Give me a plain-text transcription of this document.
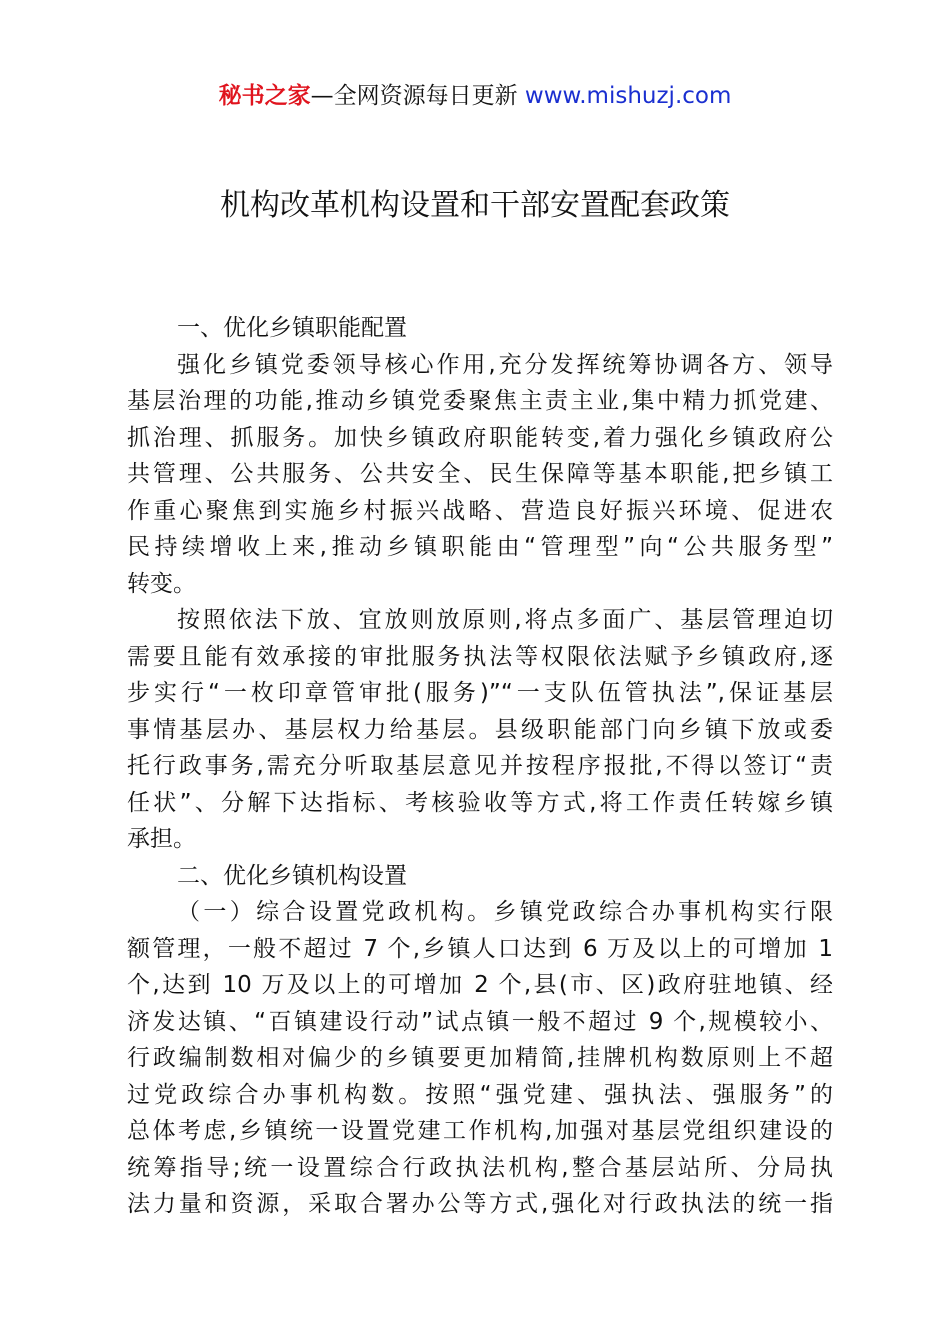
秘书之家—全网资源每日更新 www.mishuzj.com
机构改革机构设置和干部安置配套政策
一、优化乡镇职能配置
强化乡镇党委领导核心作用,充分发挥统筹协调各方、领导
基层治理的功能,推动乡镇党委聚焦主责主业,集中精力抓党建、
抓治理、抓服务。加快乡镇政府职能转变,着力强化乡镇政府公
共管理、公共服务、公共安全、民生保障等基本职能,把乡镇工
作重心聚焦到实施乡村振兴战略、营造良好振兴环境、促进农
民持续增收上来,推动乡镇职能由“管理型”向“公共服务型”
转变。
按照依法下放、宜放则放原则,将点多面广、基层管理迫切
需要且能有效承接的审批服务执法等权限依法赋予乡镇政府,逐
步实行“一枚印章管审批(服务)”“一支队伍管执法”,保证基层
事情基层办、基层权力给基层。县级职能部门向乡镇下放或委
托行政事务,需充分听取基层意见并按程序报批,不得以签订“责
任状”、分解下达指标、考核验收等方式,将工作责任转嫁乡镇
承担。
二、优化乡镇机构设置
（一）综合设置党政机构。乡镇党政综合办事机构实行限
额管理，一般不超过 7 个,乡镇人口达到 6 万及以上的可增加 1
个,达到 10 万及以上的可增加 2 个,县(市、区)政府驻地镇、经
济发达镇、“百镇建设行动”试点镇一般不超过 9 个,规模较小、
行政编制数相对偏少的乡镇要更加精简,挂牌机构数原则上不超
过党政综合办事机构数。按照“强党建、强执法、强服务”的
总体考虑,乡镇统一设置党建工作机构,加强对基层党组织建设的
统筹指导;统一设置综合行政执法机构,整合基层站所、分局执
法力量和资源，采取合署办公等方式,强化对行政执法的统一指
